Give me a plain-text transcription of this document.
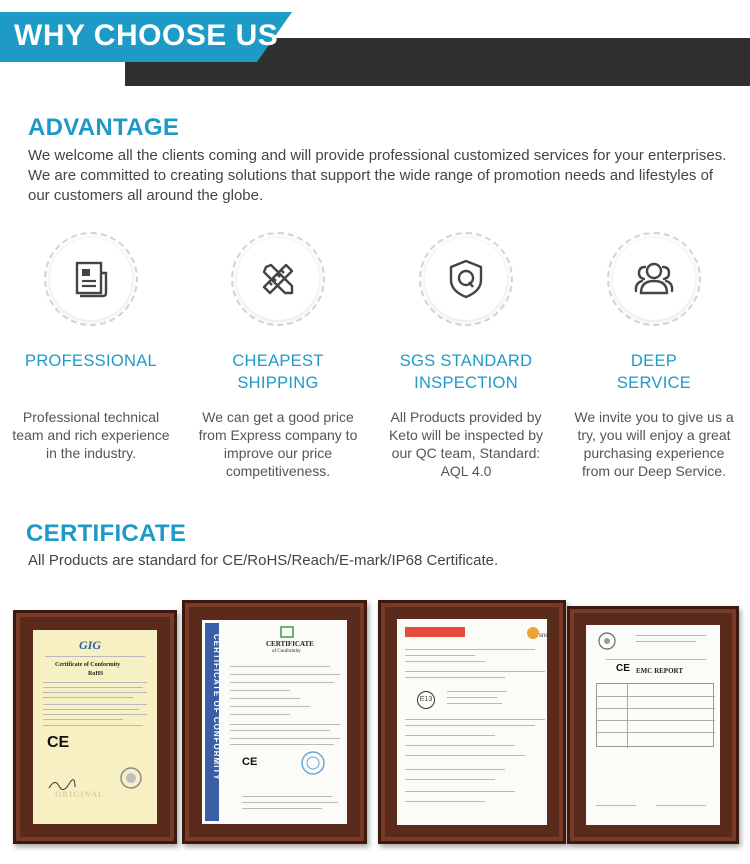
WHY CHOOSE US
ADVANTAGE
We welcome all the clients coming and will provide professional customized services for your enterprises. We are committed to creating solutions that support the wide range of promotion needs and lifestyles of our customers all around the globe.
PROFESSIONAL
Professional technical team and rich experience in the industry.
CHEAPEST
SHIPPING
We can get a good price from Express company to improve our price competitiveness.
SGS STANDARD
INSPECTION
All Products provided by Keto will be inspected by our QC team, Standard: AQL 4.0
DEEP
SERVICE
We invite you to give us a try, you will enjoy a great purchasing experience from our Deep Service.
CERTIFICATE
All Products are standard for CE/RoHS/Reach/E-mark/IP68 Certificate.
GIG
Certificate of Conformity
RoHS
CE
ORIGINAL
CERTIFICATE OF CONFORMITY	CERTIFICATE
of Conformity
CE
sncb
E13
EMC REPORT
CE
